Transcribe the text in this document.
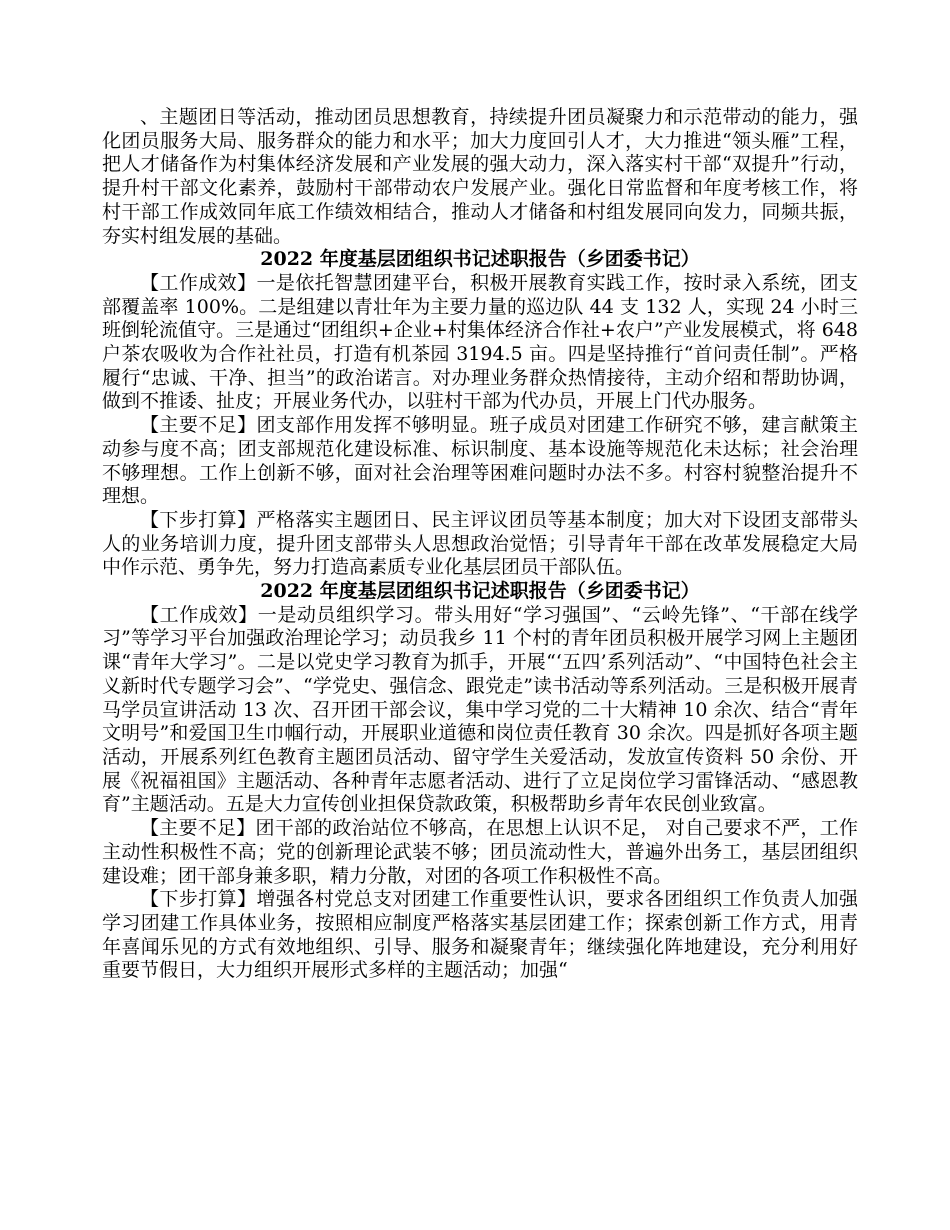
、主题团日等活动，推动团员思想教育，持续提升团员凝聚力和示范带动的能力，强化团员服务大局、服务群众的能力和水平；加大力度回引人才，大力推进“领头雁”工程，把人才储备作为村集体经济发展和产业发展的强大动力，深入落实村干部“双提升”行动，提升村干部文化素养，鼓励村干部带动农户发展产业。强化日常监督和年度考核工作，将村干部工作成效同年底工作绩效相结合，推动人才储备和村组发展同向发力，同频共振，夯实村组发展的基础。

2022 年度基层团组织书记述职报告（乡团委书记）

【工作成效】一是依托智慧团建平台，积极开展教育实践工作，按时录入系统，团支部覆盖率 100%。二是组建以青壮年为主要力量的巡边队 44 支 132 人，实现 24 小时三班倒轮流值守。三是通过“团组织+企业+村集体经济合作社+农户”产业发展模式，将 648 户茶农吸收为合作社社员，打造有机茶园 3194.5 亩。四是坚持推行“首问责任制”。严格履行“忠诚、干净、担当”的政治诺言。对办理业务群众热情接待，主动介绍和帮助协调，做到不推诿、扯皮；开展业务代办，以驻村干部为代办员，开展上门代办服务。

【主要不足】团支部作用发挥不够明显。班子成员对团建工作研究不够，建言献策主动参与度不高；团支部规范化建设标准、标识制度、基本设施等规范化未达标；社会治理不够理想。工作上创新不够，面对社会治理等困难问题时办法不多。村容村貌整治提升不理想。

【下步打算】严格落实主题团日、民主评议团员等基本制度；加大对下设团支部带头人的业务培训力度，提升团支部带头人思想政治觉悟；引导青年干部在改革发展稳定大局中作示范、勇争先，努力打造高素质专业化基层团员干部队伍。

2022 年度基层团组织书记述职报告（乡团委书记）

【工作成效】一是动员组织学习。带头用好“学习强国”、“云岭先锋”、“干部在线学习”等学习平台加强政治理论学习；动员我乡 11 个村的青年团员积极开展学习网上主题团课“青年大学习”。二是以党史学习教育为抓手，开展“‘五四’系列活动”、“中国特色社会主义新时代专题学习会”、“学党史、强信念、跟党走”读书活动等系列活动。三是积极开展青马学员宣讲活动 13 次、召开团干部会议，集中学习党的二十大精神 10 余次、结合“青年文明号”和爱国卫生巾帼行动，开展职业道德和岗位责任教育 30 余次。四是抓好各项主题活动，开展系列红色教育主题团员活动、留守学生关爱活动，发放宣传资料 50 余份、开展《祝福祖国》主题活动、各种青年志愿者活动、进行了立足岗位学习雷锋活动、“感恩教育”主题活动。五是大力宣传创业担保贷款政策，积极帮助乡青年农民创业致富。

【主要不足】团干部的政治站位不够高，在思想上认识不足， 对自己要求不严，工作主动性积极性不高；党的创新理论武装不够；团员流动性大，普遍外出务工，基层团组织建设难；团干部身兼多职，精力分散，对团的各项工作积极性不高。

【下步打算】增强各村党总支对团建工作重要性认识，要求各团组织工作负责人加强学习团建工作具体业务，按照相应制度严格落实基层团建工作；探索创新工作方式，用青年喜闻乐见的方式有效地组织、引导、服务和凝聚青年；继续强化阵地建设，充分利用好重要节假日，大力组织开展形式多样的主题活动；加强“
